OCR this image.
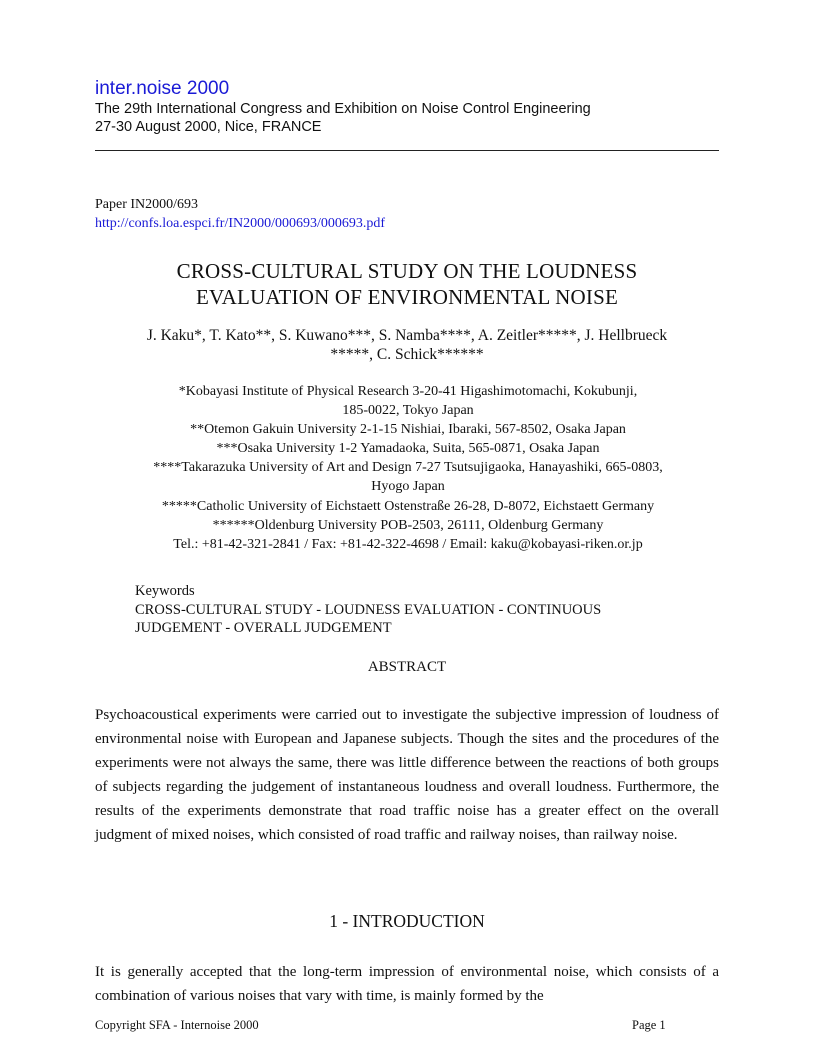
inter.noise 2000
The 29th International Congress and Exhibition on Noise Control Engineering
27-30 August 2000, Nice, FRANCE
Paper IN2000/693
http://confs.loa.espci.fr/IN2000/000693/000693.pdf
CROSS-CULTURAL STUDY ON THE LOUDNESS
EVALUATION OF ENVIRONMENTAL NOISE
J. Kaku*, T. Kato**, S. Kuwano***, S. Namba****, A. Zeitler*****, J. Hellbrueck
*****, C. Schick******
*Kobayasi Institute of Physical Research 3-20-41 Higashimotomachi, Kokubunji,
185-0022, Tokyo Japan
**Otemon Gakuin University 2-1-15 Nishiai, Ibaraki, 567-8502, Osaka Japan
***Osaka University 1-2 Yamadaoka, Suita, 565-0871, Osaka Japan
****Takarazuka University of Art and Design 7-27 Tsutsujigaoka, Hanayashiki, 665-0803,
Hyogo Japan
*****Catholic University of Eichstaett Ostenstraße 26-28, D-8072, Eichstaett Germany
******Oldenburg University POB-2503, 26111, Oldenburg Germany
Tel.: +81-42-321-2841 / Fax: +81-42-322-4698 / Email: kaku@kobayasi-riken.or.jp
Keywords
CROSS-CULTURAL STUDY - LOUDNESS EVALUATION - CONTINUOUS
JUDGEMENT - OVERALL JUDGEMENT
ABSTRACT
Psychoacoustical experiments were carried out to investigate the subjective impression of loudness of environmental noise with European and Japanese subjects. Though the sites and the procedures of the experiments were not always the same, there was little difference between the reactions of both groups of subjects regarding the judgement of instantaneous loudness and overall loudness. Furthermore, the results of the experiments demonstrate that road traffic noise has a greater effect on the overall judgment of mixed noises, which consisted of road traffic and railway noises, than railway noise.
1 - INTRODUCTION
It is generally accepted that the long-term impression of environmental noise, which consists of a combination of various noises that vary with time, is mainly formed by the
Copyright SFA - Internoise 2000	Page 1
